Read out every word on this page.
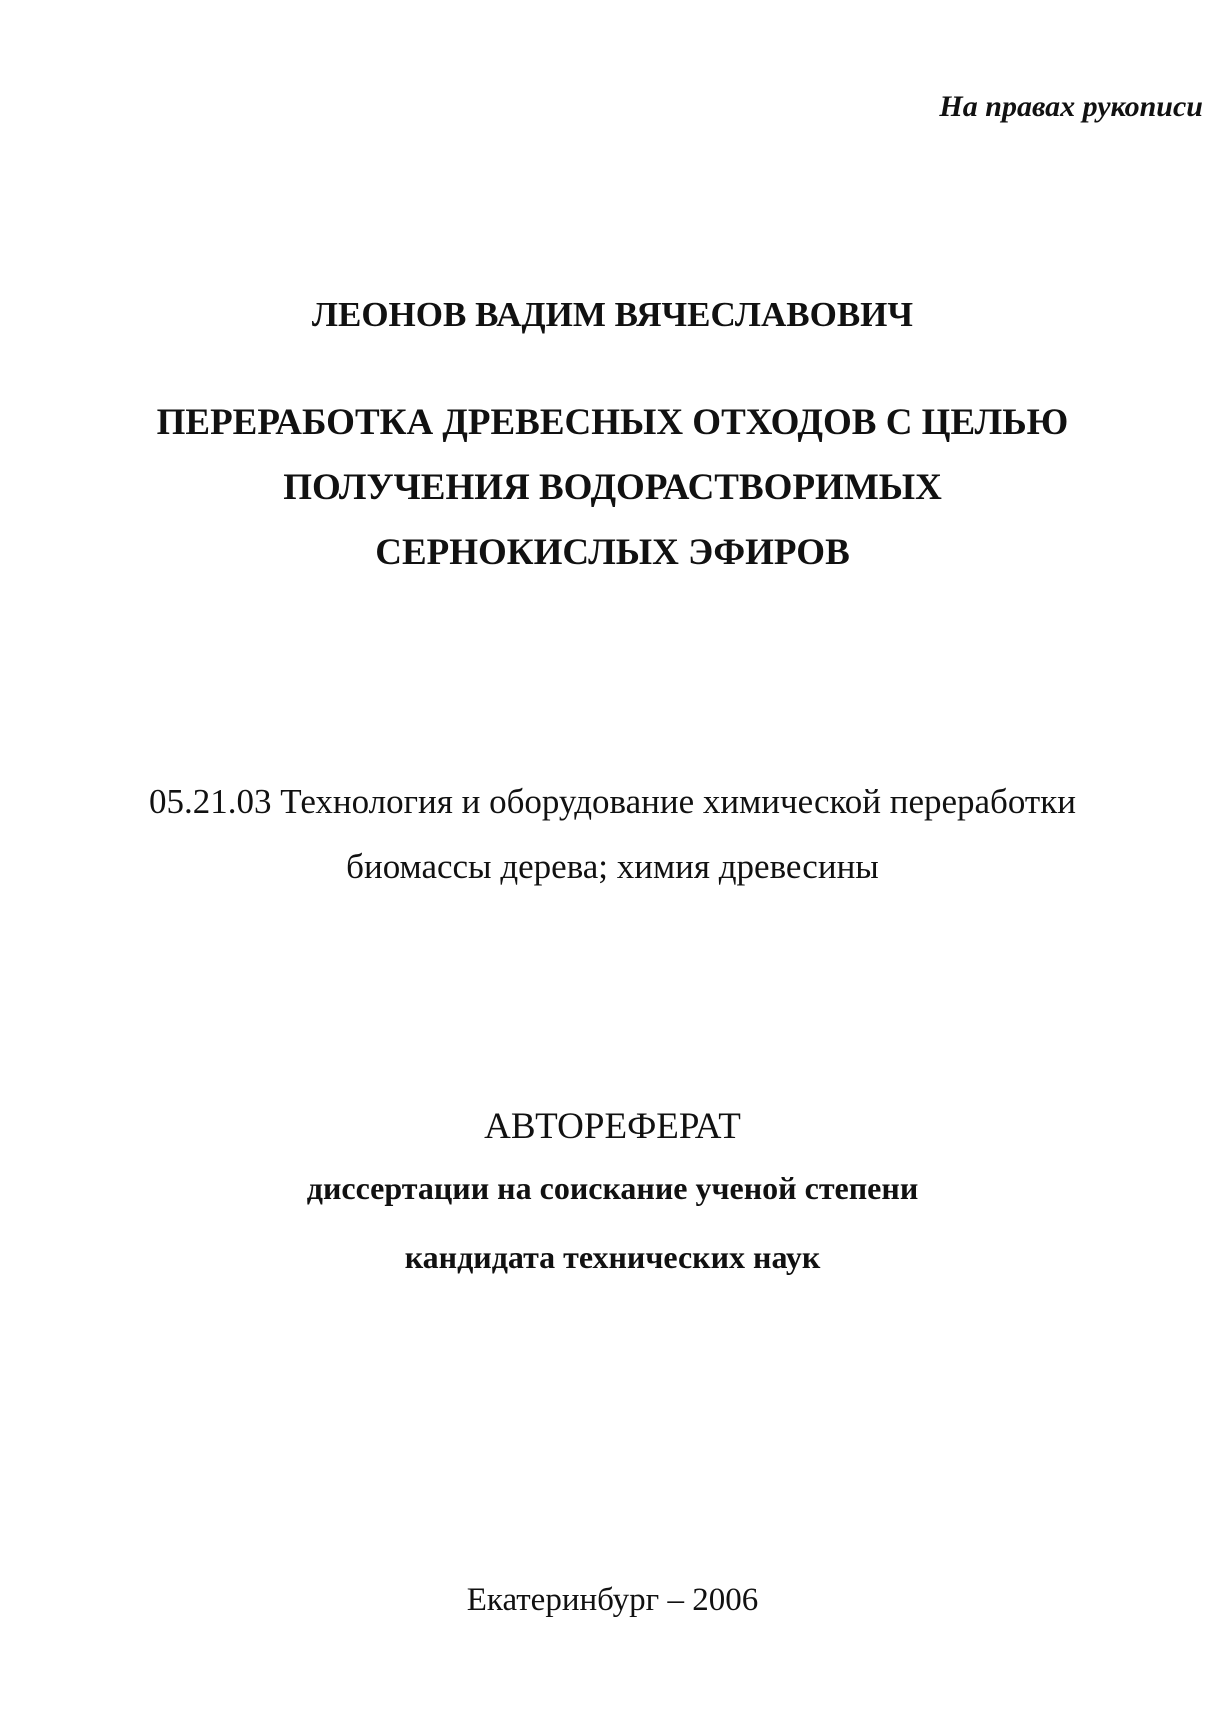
На правах рукописи
ЛЕОНОВ ВАДИМ ВЯЧЕСЛАВОВИЧ
ПЕРЕРАБОТКА ДРЕВЕСНЫХ ОТХОДОВ С ЦЕЛЬЮ
ПОЛУЧЕНИЯ ВОДОРАСТВОРИМЫХ
СЕРНОКИСЛЫХ ЭФИРОВ
05.21.03 Технология и оборудование химической переработки
биомассы дерева; химия древесины
АВТОРЕФЕРАТ
диссертации на соискание ученой степени
кандидата технических наук
Екатеринбург – 2006
